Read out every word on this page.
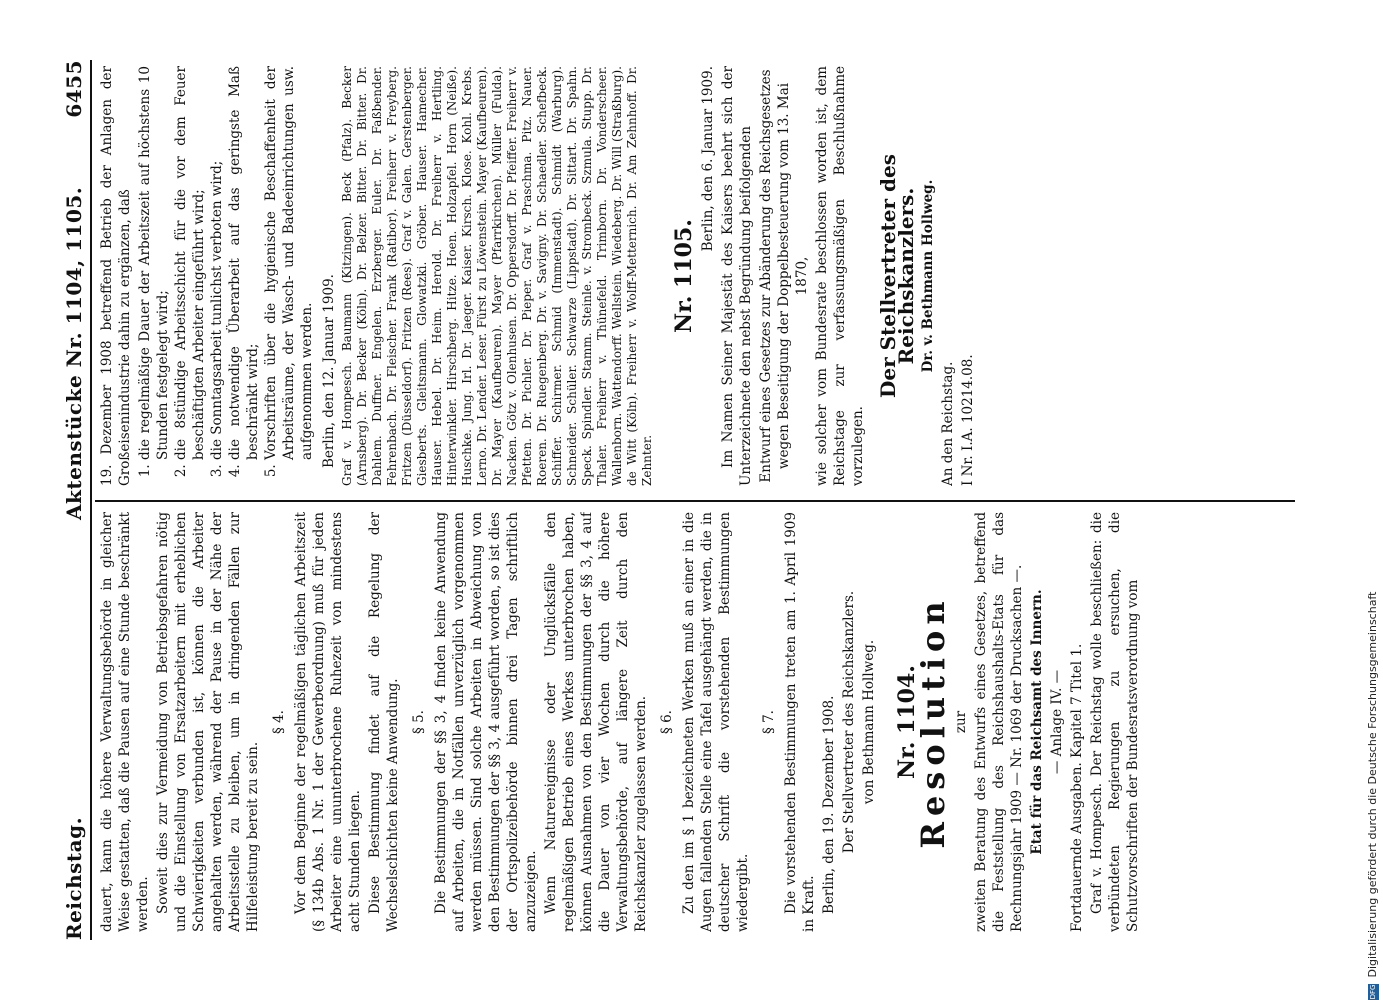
Reichstag.
Aktenstücke Nr. 1104, 1105.
6455

dauert, kann die höhere Verwaltungsbehörde in gleicher Weise gestatten, daß die Pausen auf eine Stunde beschränkt werden. Soweit dies zur Vermeidung von Betriebsgefahren nötig und die Einstellung von Ersatzarbeitern mit erheblichen Schwierigkeiten verbunden ist, können die Arbeiter angehalten werden, während der Pause in der Nähe der Arbeitsstelle zu bleiben, um in dringenden Fällen zur Hilfeleistung bereit zu sein.

§ 4. Vor dem Beginne der regelmäßigen täglichen Arbeitszeit (§ 134b Abs. 1 Nr. 1 der Gewerbeordnung) muß für jeden Arbeiter eine ununterbrochene Ruhezeit von mindestens acht Stunden liegen. Diese Bestimmung findet auf die Regelung der Wechselschichten keine Anwendung. § 5. Die Bestimmungen der §§ 3, 4 finden keine Anwendung auf Arbeiten, die in Notfällen unverzüglich vorgenommen werden müssen. Sind solche Arbeiten in Abweichung von den Bestimmungen der §§ 3, 4 ausgeführt worden, so ist dies der Ortspolizeibehörde binnen drei Tagen schriftlich anzuzeigen. Wenn Naturereignisse oder Unglücksfälle den regelmäßigen Betrieb eines Werkes unterbrochen haben, können Ausnahmen von den Bestimmungen der §§ 3, 4 auf die Dauer von vier Wochen durch die höhere Verwaltungsbehörde, auf längere Zeit durch den Reichskanzler zugelassen werden. § 6. Zu den im § 1 bezeichneten Werken muß an einer in die Augen fallenden Stelle eine Tafel ausgehängt werden, die in deutscher Schrift die vorstehenden Bestimmungen wiedergibt.

§ 7. Die vorstehenden Bestimmungen treten am 1. April 1909 in Kraft. Berlin, den 19. Dezember 1908. Der Stellvertreter des Reichskanzlers. von Bethmann Hollweg. Nr. 1104.
Resolution zur zweiten Beratung des Entwurfs eines Gesetzes, betreffend die Feststellung des Reichshaushalts-Etats für das Rechnungsjahr 1909 — Nr. 1069 der Drucksachen —. Etat für das Reichsamt des Innern. — Anlage IV. — Fortdauernde Ausgaben. Kapitel 7 Titel 1. Graf v. Hompesch. Der Reichstag wolle beschließen: die verbündeten Regierungen zu ersuchen, die Schutzvorschriften der Bundesratsverordnung vom

19. Dezember 1908 betreffend Betrieb der Anlagen der Großeisenindustrie dahin zu ergänzen, daß 1. die regelmäßige Dauer der Arbeitszeit auf höchstens 10 Stunden festgelegt wird; 2. die 8stündige Arbeitsschicht für die vor dem Feuer beschäftigten Arbeiter eingeführt wird; 3. die Sonntagsarbeit tunlichst verboten wird; 4. die notwendige Überarbeit auf das geringste Maß beschränkt wird; 5. Vorschriften über die hygienische Beschaffenheit der Arbeitsräume, der Wasch- und Badeeinrichtungen usw. aufgenommen werden. Berlin, den 12. Januar 1909. Graf v. Hompesch. Baumann (Kitzingen). Beck (Pfalz). Becker (Arnsberg). Dr. Becker (Köln). Dr. Belzer. Bitter. Dr. Bitter. Dr. Dahlem. Duffner. Engelen. Erzberger. Euler. Dr. Faßbender. Fehrenbach. Dr. Fleischer. Frank (Ratibor). Freiherr v. Freyberg. Fritzen (Düsseldorf). Fritzen (Rees). Graf v. Galen. Gerstenberger. Giesberts. Gleitsmann. Glowatzki. Gröber. Hauser. Hamecher. Hauser. Hebel. Dr. Heim. Herold. Dr. Freiherr v. Hertling. Hinterwinkler. Hirschberg. Hitze. Hoen. Holzapfel. Horn (Neiße). Huschke. Jung. Irl. Dr. Jaeger. Kaiser. Kirsch. Klose. Kohl. Krebs. Lerno. Dr. Lender. Leser. Fürst zu Löwenstein. Mayer (Kaufbeuren). Dr. Mayer (Kaufbeuren). Mayer (Pfarrkirchen). Müller (Fulda). Nacken. Götz v. Olenhusen. Dr. Oppersdorff. Dr. Pfeiffer. Freiherr v. Pfetten. Dr. Pichler. Dr. Pieper. Graf v. Praschma. Pitz. Nauer. Roeren. Dr. Ruegenberg. Dr. v. Savigny. Dr. Schaedler. Schefbeck. Schiffer. Schirmer. Schmid (Immenstadt). Schmidt (Warburg). Schneider. Schüler. Schwarze (Lippstadt). Dr. Sittart. Dr. Spahn. Speck. Spindler. Stamm. Steinle. v. Strombeck. Szmula. Stupp. Dr. Thaler. Freiherr v. Thünefeld. Trimborn. Dr. Vonderscheer. Wallenborn. Wattendorff. Wellstein. Wiedeberg. Dr. Will (Straßburg). de Witt (Köln). Freiherr v. Wolff-Metternich. Dr. Am Zehnhoff. Dr. Zehnter.

Nr. 1105.

Berlin, den 6. Januar 1909. Im Namen Seiner Majestät des Kaisers beehrt sich der Unterzeichnete den nebst Begründung beifolgenden Entwurf eines Gesetzes zur Abänderung des Reichsgesetzes wegen Beseitigung der Doppelbesteuerung vom 13. Mai 1870, wie solcher vom Bundesrate beschlossen worden ist, dem Reichstage zur verfassungsmäßigen Beschlußnahme vorzulegen.

Der Stellvertreter des Reichskanzlers. Dr. v. Bethmann Hollweg.

An den Reichstag. I Nr. I.A. 10214.08.

DFG Digitalisierung gefördert durch die Deutsche Forschungsgemeinschaft
